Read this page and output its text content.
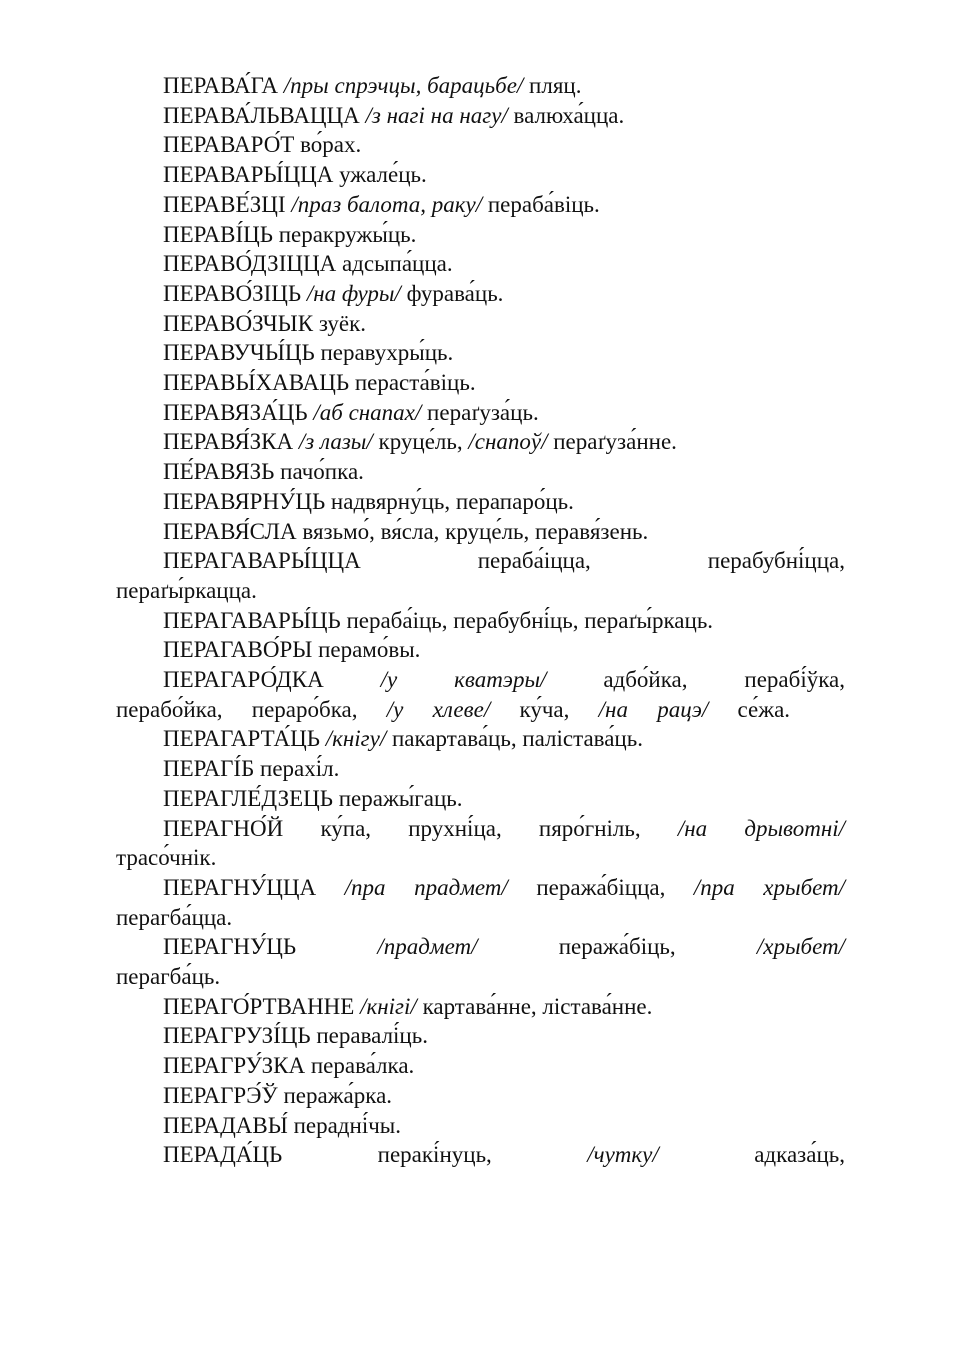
ПЕРАВА́ГА /пры спрэчцы, барацьбе/ пляц.
ПЕРАВА́ЛЬВАЦЦА /з нагі на нагу/ валюха́цца.
ПЕРАВАРО́Т во́рах.
ПЕРАВАРЫ́ЦЦА ужале́ць.
ПЕРАВЕ́ЗЦІ /праз балота, раку/ пераба́віць.
ПЕРАВІ́ЦЬ перакружы́ць.
ПЕРАВО́ДЗІЦЦА адсыпа́цца.
ПЕРАВО́ЗІЦЬ /на фуры/ фурава́ць.
ПЕРАВО́ЗЧЫК зуёк.
ПЕРАВУЧЫ́ЦЬ перавухры́ць.
ПЕРАВЫ́ХАВАЦЬ пераста́віць.
ПЕРАВЯЗА́ЦЬ /аб снапах/ пераґуза́ць.
ПЕРАВЯ́ЗКА /з лазы/ круце́ль, /снапоў/ пераґуза́нне.
ПЕ́РАВЯЗЬ пачо́пка.
ПЕРАВЯРНУ́ЦЬ надвярну́ць, перапаро́ць.
ПЕРАВЯ́СЛА вязьмо́, вя́сла, круце́ль, перавя́зень.
ПЕРАГАВАРЫ́ЦЦА	пераба́іцца, перабубні́цца,
пераґы́ркацца.
ПЕРАГАВАРЫ́ЦЬ пераба́іць, перабубні́ць, пераґы́ркаць.
ПЕРАГАВО́РЫ перамо́вы.
ПЕРАГАРО́ДКА /у кватэры/ адбо́йка, перабі́ўка,
перабо́йка, перaро́бка, /у хлеве/ ку́ча, /на рацэ/ се́жа.
ПЕРАГАРТА́ЦЬ /кнігу/ пакартава́ць, палістава́ць.
ПЕРАГІ́Б перахі́л.
ПЕРАГЛЕ́ДЗЕЦЬ перажы́гаць.
ПЕРАГНО́Й ку́па, прухні́ца, пяро́гніль, /на дрывотні/
трасо́чнік.
ПЕРАГНУ́ЦЦА /пра прадмет/ пеража́біцца, /пра хрыбет/
перагба́цца.
ПЕРАГНУ́ЦЬ	/прадмет/	пеража́біць,	/хрыбет/
перагба́ць.
ПЕРАГО́РТВАННЕ /кнігі/ картава́нне, лістава́нне.
ПЕРАГРУЗІ́ЦЬ перавалі́ць.
ПЕРАГРУ́ЗКА перава́лка.
ПЕРАГРЭ́Ў пеража́рка.
ПЕРАДАВЫ́ перадні́чы.
ПЕРАДА́ЦЬ	перакі́нуць,	/чутку/	адказа́ць,
